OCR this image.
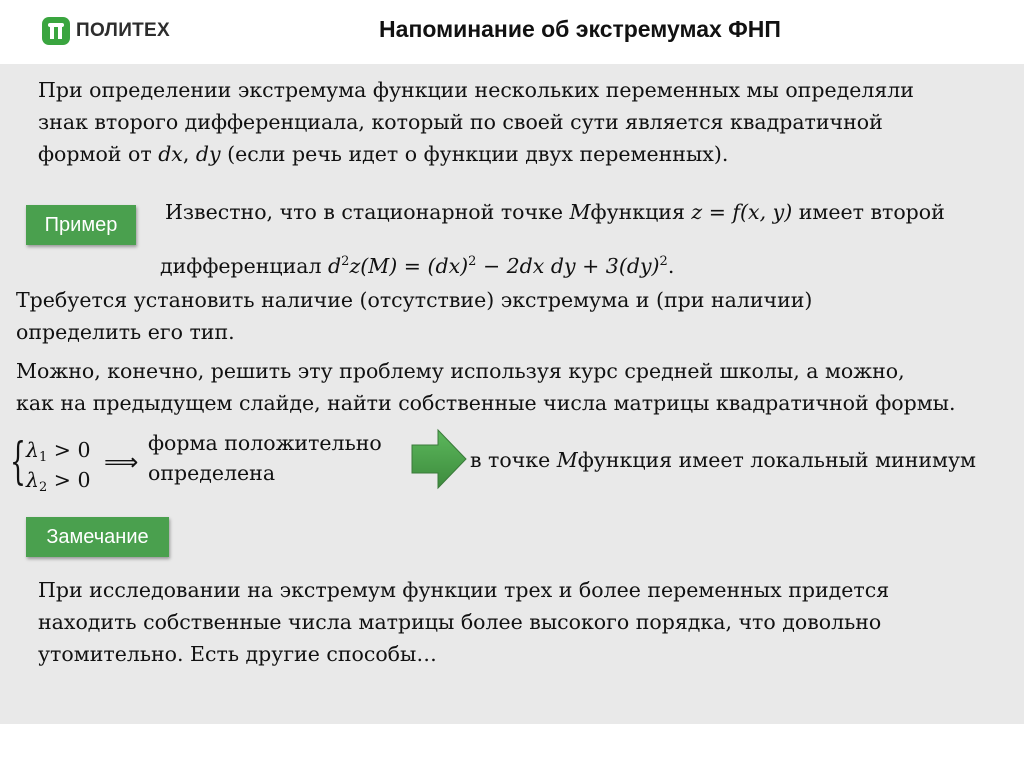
ПОЛИТЕХ	Напоминание об экстремумах ФНП
При определении экстремума функции нескольких переменных мы определяли
знак второго дифференциала, который по своей сути является квадратичной
формой от dx, dy (если речь идет о функции двух переменных).
Пример
Известно, что в стационарной точке Mфункция z = f(x, y) имеет второй
дифференциал $d^2z(M) = (dx)^2 - 2dx$ dy + 3(dy)$^2$.
Требуется установить наличие (отсутствие) экстремума и (при наличии)
определить его тип.
Можно, конечно, решить эту проблему используя курс средней школы, а можно,
как на предыдущем слайде, найти собственные числа матрицы квадратичной формы.
{ λ1 > 0
λ2 > 0
⟹
форма положительно
определена
в точке Mфункция имеет локальный минимум
Замечание
При исследовании на экстремум функции трех и более переменных придется
находить собственные числа матрицы более высокого порядка, что довольно
утомительно. Есть другие способы…
